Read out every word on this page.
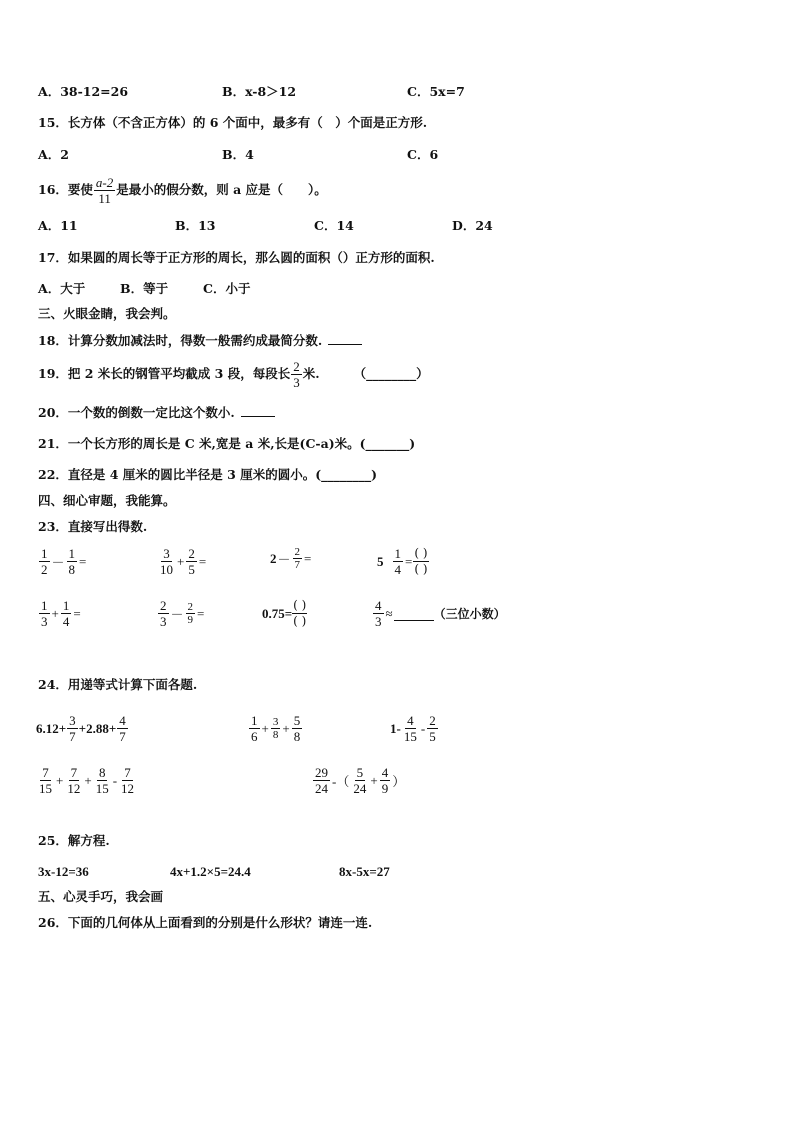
A．38-12=26	B．x-8＞12	C．5x=7
15．长方体（不含正方体）的 6 个面中，最多有（　）个面是正方形.
A．2	B．4	C．6
16．要使 $\frac{a-2}{11}$ 是最小的假分数，则 a 应是（　　）。
A．11	B．13	C．14	D．24
17．如果圆的周长等于正方形的周长，那么圆的面积（）正方形的面积.
A．大于	B．等于	C．小于
三、火眼金睛，我会判。
18．计算分数加减法时，得数一般需约成最简分数.
19．把 2 米长的钢管平均截成 3 段，每段长 $\frac{2}{3}$ 米.	（________）
20．一个数的倒数一定比这个数小.
21．一个长方形的周长是 C 米,宽是 a 米,长是(C-a)米。(_______)
22．直径是 4 厘米的圆比半径是 3 厘米的圆小。(________)
四、细心审题，我能算。
23．直接写出得数.
$\frac{1}{2} - \frac{1}{8}$ =	$\frac{3}{10} + \frac{2}{5}$ =	$2 - \frac{2}{7}$ =	$5 \frac{1}{4} = \frac{( )}{( )}$
$\frac{1}{3} + \frac{1}{4}$ =	$\frac{2}{3} - \frac{2}{9}$ =	$0.75= \frac{( )}{( )}$	$\frac{4}{3}$ ≈	（三位小数）
24．用递等式计算下面各题.
$6.12+ \frac{3}{7} +2.88+ \frac{4}{7}$	$\frac{1}{6} + \frac{3}{8} + \frac{5}{8}$	$1- \frac{4}{15} - \frac{2}{5}$
$\frac{7}{15} + \frac{7}{12} + \frac{8}{15} - \frac{7}{12}$	$\frac{29}{24}$ -（ $\frac{5}{24} + \frac{4}{9}$ ）
25．解方程.
3x-12=36	4x+1.2×5=24.4	8x-5x=27
五、心灵手巧，我会画
26．下面的几何体从上面看到的分别是什么形状？请连一连.
